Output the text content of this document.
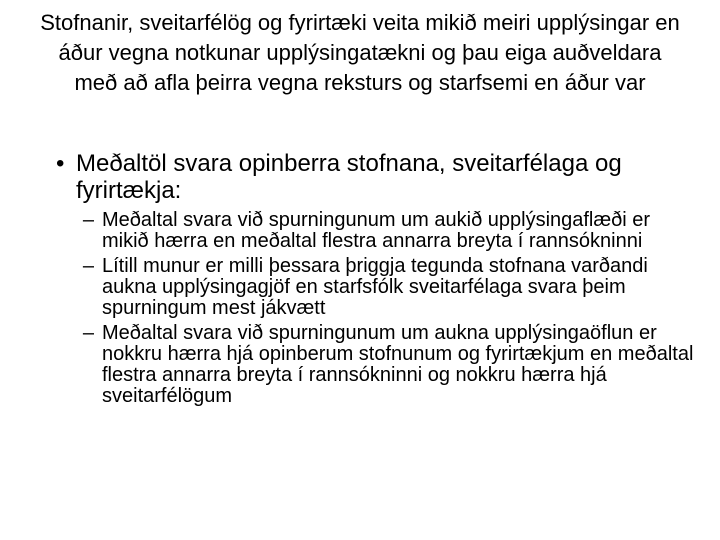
Stofnanir, sveitarfélög og fyrirtæki veita mikið meiri upplýsingar en áður vegna notkunar upplýsingatækni og þau eiga auðveldara með að afla þeirra vegna reksturs og starfsemi en áður var
• Meðaltöl svara opinberra stofnana, sveitarfélaga og fyrirtækja:
– Meðaltal svara við spurningunum um aukið upplýsingaflæði er mikið hærra en meðaltal flestra annarra breyta í rannsókninni
– Lítill munur er milli þessara þriggja tegunda stofnana varðandi aukna upplýsingagjöf en starfsfólk sveitarfélaga svara þeim spurningum mest jákvætt
– Meðaltal svara við spurningunum um aukna upplýsingaöflun er nokkru hærra hjá opinberum stofnunum og fyrirtækjum en meðaltal flestra annarra breyta í rannsókninni og nokkru hærra hjá sveitarfélögum
